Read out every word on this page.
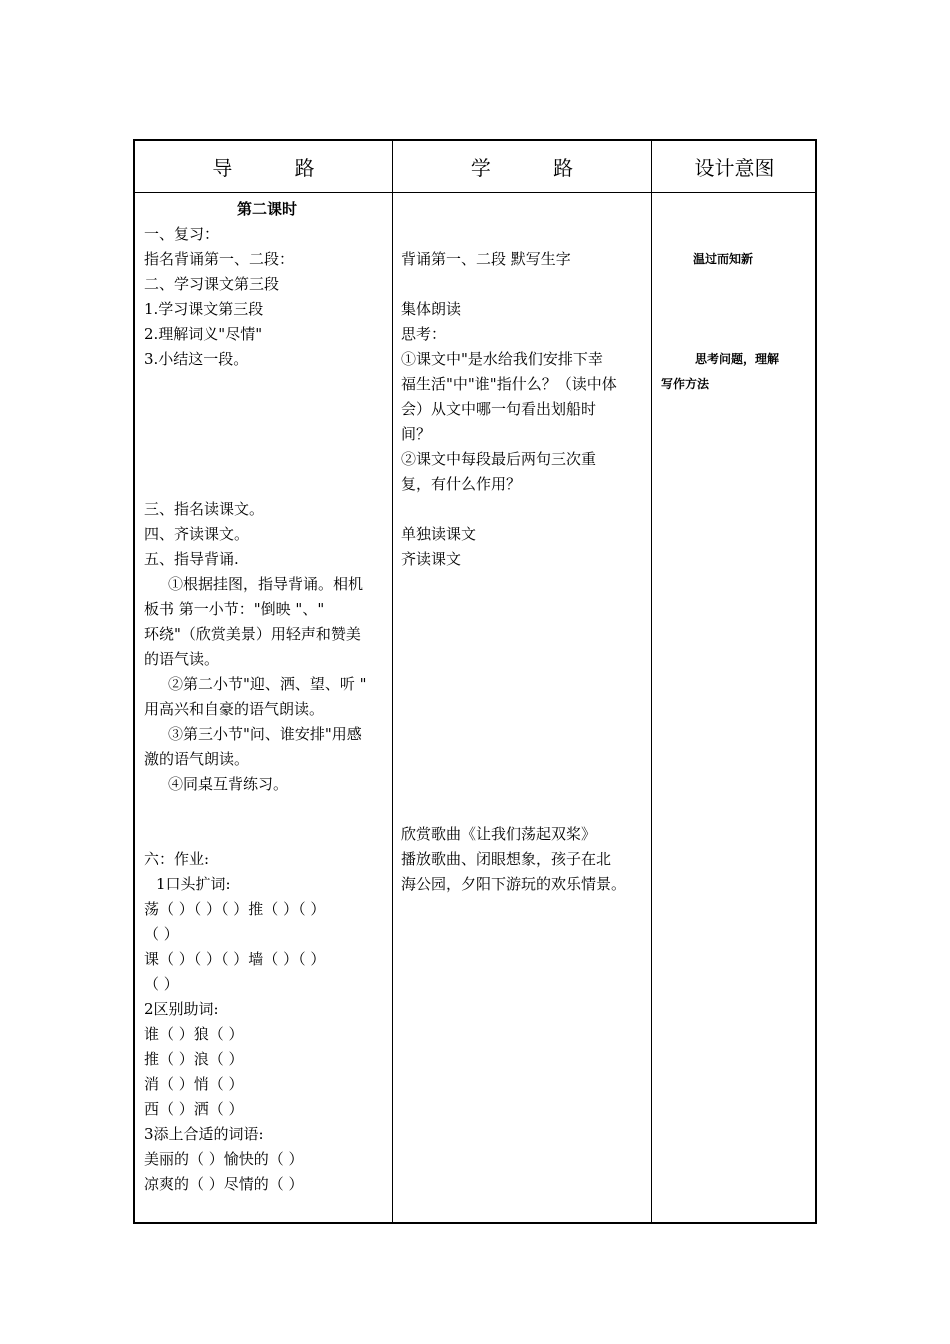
导 路	学 路	设计意图
第二课时
一、复习：
指名背诵第一、二段：
二、学习课文第三段
1.学习课文第三段
2.理解词义"尽情"
3.小结这一段。
三、指名读课文。
四、齐读课文。
五、指导背诵.
①根据挂图，指导背诵。相机
板书 第一小节："倒映 "、"
环绕"（欣赏美景）用轻声和赞美
的语气读。
②第二小节"迎、洒、望、听 "
用高兴和自豪的语气朗读。
③第三小节"问、谁安排"用感
激的语气朗读。
④同桌互背练习。
六：作业:
1口头扩词:
荡（ ）（ ）（ ）推（ ）（ ）
（ ）
课（ ）（ ）（ ）墙（ ）（ ）
（ ）
2区别助词:
谁（ ）狼（ ）
推（ ）浪（ ）
消（ ）悄（ ）
西（ ）洒（ ）
3添上合适的词语:
美丽的（ ）愉快的（ ）
凉爽的（ ）尽情的（ ）
背诵第一、二段 默写生字
集体朗读
思考：
①课文中"是水给我们安排下幸
福生活"中"谁"指什么？（读中体
会）从文中哪一句看出划船时
间？
②课文中每段最后两句三次重
复，有什么作用？
单独读课文
齐读课文
欣赏歌曲《让我们荡起双桨》
播放歌曲、闭眼想象，孩子在北
海公园，夕阳下游玩的欢乐情景。
温过而知新
思考问题，理解
写作方法
